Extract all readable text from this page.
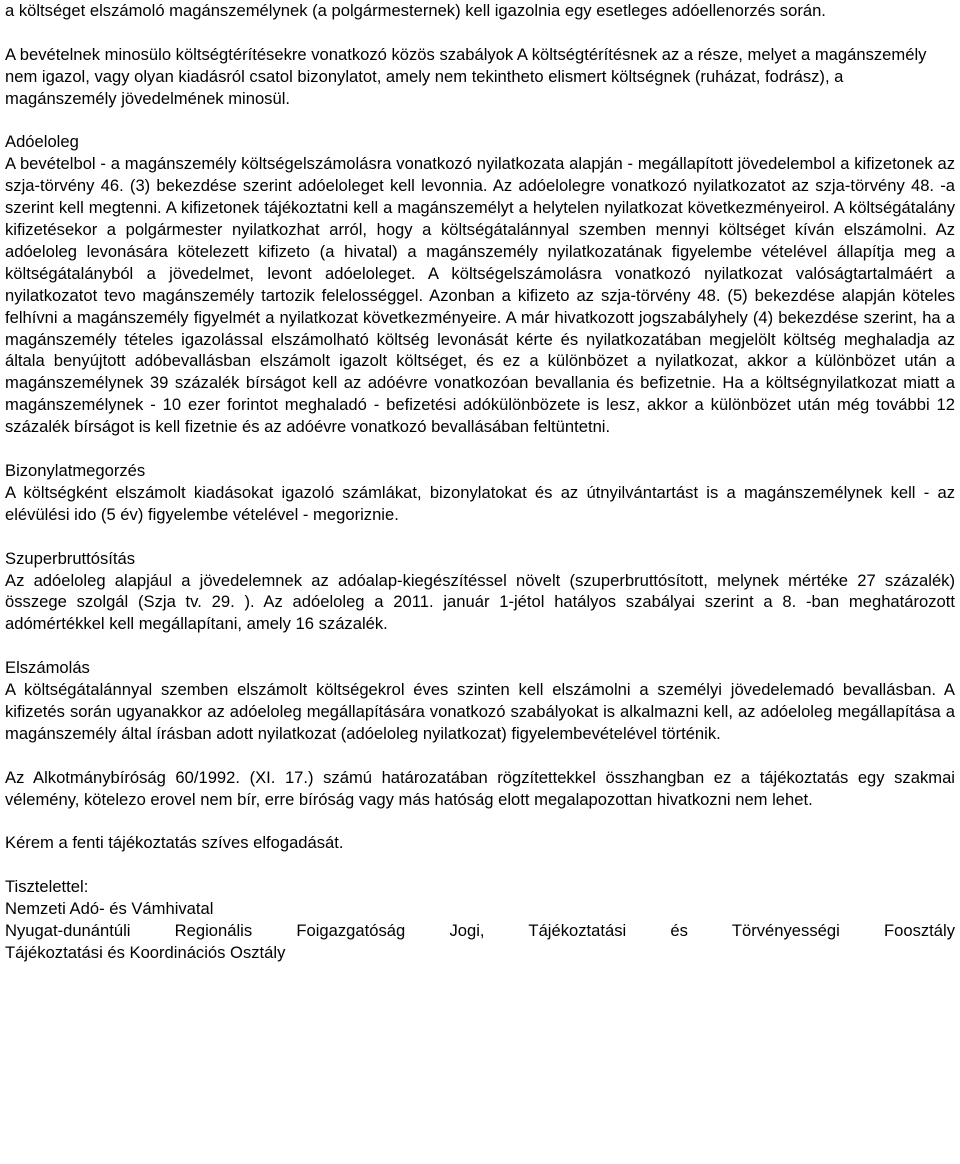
a költséget elszámoló magánszemélynek (a polgármesternek) kell igazolnia egy esetleges adóellenorzés során.

A bevételnek minosülo költségtérítésekre vonatkozó közös szabályok A költségtérítésnek az a része, melyet a magánszemély nem igazol, vagy olyan kiadásról csatol bizonylatot, amely nem tekintheto elismert költségnek (ruházat, fodrász), a magánszemély jövedelmének minosül.

Adóeloleg

A bevételbol - a magánszemély költségelszámolásra vonatkozó nyilatkozata alapján - megállapított jövedelembol a kifizetonek az szja-törvény 46. (3) bekezdése szerint adóeloleget kell levonnia. Az adóelolegre vonatkozó nyilatkozatot az szja-törvény 48. -a szerint kell megtenni. A kifizetonek tájékoztatni kell a magánszemélyt a helytelen nyilatkozat következményeirol. A költségátalány kifizetésekor a polgármester nyilatkozhat arról, hogy a költségátalánnyal szemben mennyi költséget kíván elszámolni. Az adóeloleg levonására kötelezett kifizeto (a hivatal) a magánszemély nyilatkozatának figyelembe vételével állapítja meg a költségátalányból a jövedelmet, levont adóeloleget. A költségelszámolásra vonatkozó nyilatkozat valóságtartalmáért a nyilatkozatot tevo magánszemély tartozik felelosséggel. Azonban a kifizeto az szja-törvény 48. (5) bekezdése alapján köteles felhívni a magánszemély figyelmét a nyilatkozat következményeire. A már hivatkozott jogszabályhely (4) bekezdése szerint, ha a magánszemély tételes igazolással elszámolható költség levonását kérte és nyilatkozatában megjelölt költség meghaladja az általa benyújtott adóbevallásban elszámolt igazolt költséget, és ez a különbözet a nyilatkozat, akkor a különbözet után a magánszemélynek 39 százalék bírságot kell az adóévre vonatkozóan bevallania és befizetnie. Ha a költségnyilatkozat miatt a magánszemélynek - 10 ezer forintot meghaladó - befizetési adókülönbözete is lesz, akkor a különbözet után még további 12 százalék bírságot is kell fizetnie és az adóévre vonatkozó bevallásában feltüntetni.

Bizonylatmegorzés

A költségként elszámolt kiadásokat igazoló számlákat, bizonylatokat és az útnyilvántartást is a magánszemélynek kell - az elévülési ido (5 év) figyelembe vételével - megoriznie.

Szuperbruttósítás

Az adóeloleg alapjául a jövedelemnek az adóalap-kiegészítéssel növelt (szuperbruttósított, melynek mértéke 27 százalék) összege szolgál (Szja tv. 29. ). Az adóeloleg a 2011. január 1-jétol hatályos szabályai szerint a 8. -ban meghatározott adómértékkel kell megállapítani, amely 16 százalék.

Elszámolás

A költségátalánnyal szemben elszámolt költségekrol éves szinten kell elszámolni a személyi jövedelemadó bevallásban. A kifizetés során ugyanakkor az adóeloleg megállapítására vonatkozó szabályokat is alkalmazni kell, az adóeloleg megállapítása a magánszemély által írásban adott nyilatkozat (adóeloleg nyilatkozat) figyelembevételével történik.

Az Alkotmánybíróság 60/1992. (XI. 17.) számú határozatában rögzítettekkel összhangban ez a tájékoztatás egy szakmai vélemény, kötelezo erovel nem bír, erre bíróság vagy más hatóság elott megalapozottan hivatkozni nem lehet.

Kérem a fenti tájékoztatás szíves elfogadását.

Tisztelettel:
Nemzeti Adó- és Vámhivatal

Nyugat-dunántúli Regionális Foigazgatóság Jogi, Tájékoztatási és Törvényességi Foosztály

Tájékoztatási és Koordinációs Osztály
